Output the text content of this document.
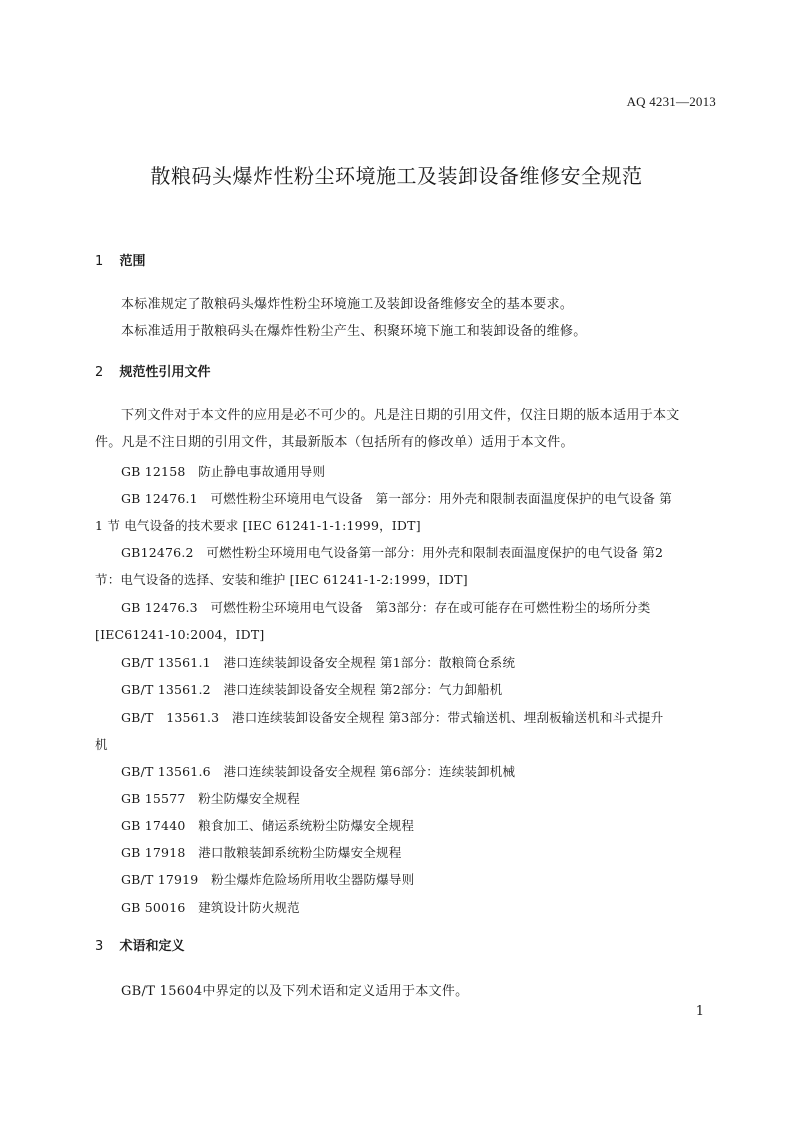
AQ 4231—2013
散粮码头爆炸性粉尘环境施工及装卸设备维修安全规范
1 范围
本标准规定了散粮码头爆炸性粉尘环境施工及装卸设备维修安全的基本要求。
本标准适用于散粮码头在爆炸性粉尘产生、积聚环境下施工和装卸设备的维修。
2 规范性引用文件
下列文件对于本文件的应用是必不可少的。凡是注日期的引用文件，仅注日期的版本适用于本文
件。凡是不注日期的引用文件，其最新版本（包括所有的修改单）适用于本文件。
GB 12158　防止静电事故通用导则
GB 12476.1　可燃性粉尘环境用电气设备　第一部分：用外壳和限制表面温度保护的电气设备 第
1 节 电气设备的技术要求 [IEC 61241-1-1:1999，IDT]
GB12476.2　可燃性粉尘环境用电气设备第一部分：用外壳和限制表面温度保护的电气设备 第2
节：电气设备的选择、安装和维护 [IEC 61241-1-2:1999，IDT]
GB 12476.3　可燃性粉尘环境用电气设备　第3部分：存在或可能存在可燃性粉尘的场所分类
[IEC61241-10:2004，IDT]
GB/T 13561.1　港口连续装卸设备安全规程 第1部分：散粮筒仓系统
GB/T 13561.2　港口连续装卸设备安全规程 第2部分：气力卸船机
GB/T　13561.3　港口连续装卸设备安全规程 第3部分：带式输送机、埋刮板输送机和斗式提升
机
GB/T 13561.6　港口连续装卸设备安全规程 第6部分：连续装卸机械
GB 15577　粉尘防爆安全规程
GB 17440　粮食加工、储运系统粉尘防爆安全规程
GB 17918　港口散粮装卸系统粉尘防爆安全规程
GB/T 17919　粉尘爆炸危险场所用收尘器防爆导则
GB 50016　建筑设计防火规范
3 术语和定义
GB/T 15604中界定的以及下列术语和定义适用于本文件。
1
